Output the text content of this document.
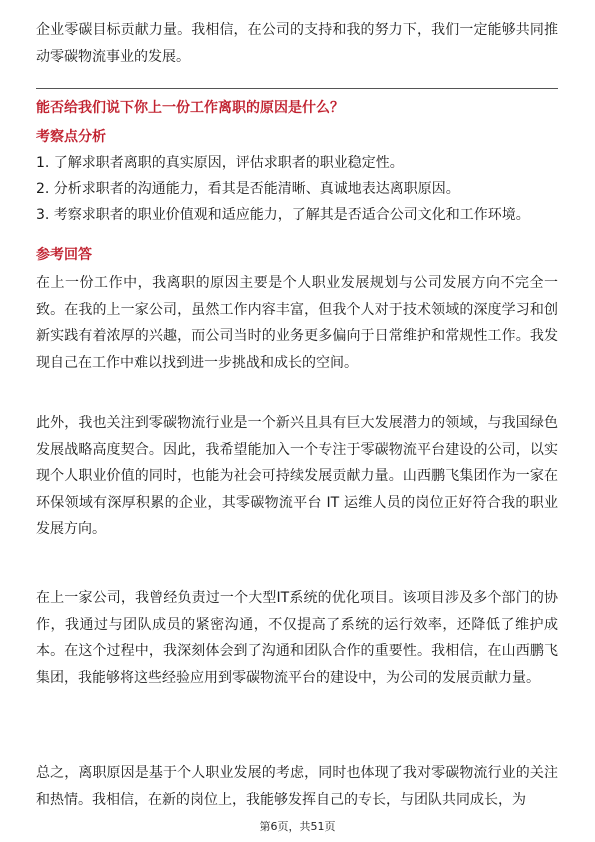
企业零碳目标贡献力量。我相信，在公司的支持和我的努力下，我们一定能够共同推动零碳物流事业的发展。

能否给我们说下你上一份工作离职的原因是什么？

考察点分析

1. 了解求职者离职的真实原因，评估求职者的职业稳定性。

2. 分析求职者的沟通能力，看其是否能清晰、真诚地表达离职原因。

3. 考察求职者的职业价值观和适应能力，了解其是否适合公司文化和工作环境。

参考回答

在上一份工作中，我离职的原因主要是个人职业发展规划与公司发展方向不完全一致。在我的上一家公司，虽然工作内容丰富，但我个人对于技术领域的深度学习和创新实践有着浓厚的兴趣，而公司当时的业务更多偏向于日常维护和常规性工作。我发现自己在工作中难以找到进一步挑战和成长的空间。

此外，我也关注到零碳物流行业是一个新兴且具有巨大发展潜力的领域，与我国绿色发展战略高度契合。因此，我希望能加入一个专注于零碳物流平台建设的公司，以实现个人职业价值的同时，也能为社会可持续发展贡献力量。山西鹏飞集团作为一家在环保领域有深厚积累的企业，其零碳物流平台 IT 运维人员的岗位正好符合我的职业发展方向。

在上一家公司，我曾经负责过一个大型IT系统的优化项目。该项目涉及多个部门的协作，我通过与团队成员的紧密沟通，不仅提高了系统的运行效率，还降低了维护成本。在这个过程中，我深刻体会到了沟通和团队合作的重要性。我相信，在山西鹏飞集团，我能够将这些经验应用到零碳物流平台的建设中，为公司的发展贡献力量。

总之，离职原因是基于个人职业发展的考虑，同时也体现了我对零碳物流行业的关注和热情。我相信，在新的岗位上，我能够发挥自己的专长，与团队共同成长，为

第6页，共51页
